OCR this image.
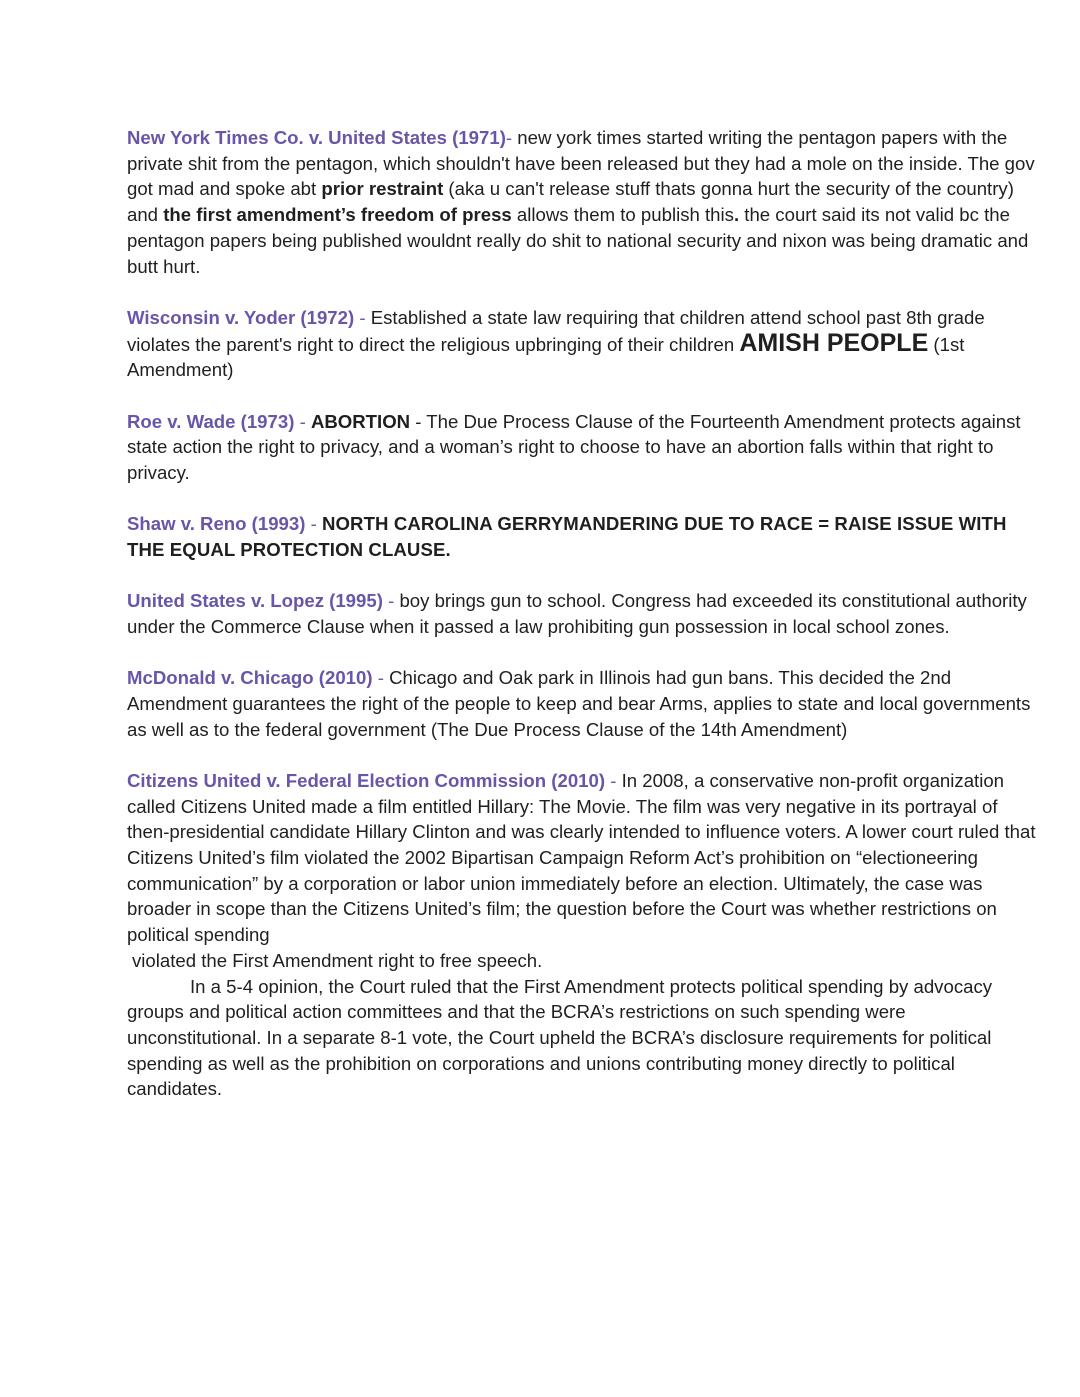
New York Times Co. v. United States (1971)- new york times started writing the pentagon papers with the private shit from the pentagon, which shouldn't have been released but they had a mole on the inside. The gov got mad and spoke abt prior restraint (aka u can't release stuff thats gonna hurt the security of the country) and the first amendment’s freedom of press allows them to publish this. the court said its not valid bc the pentagon papers being published wouldnt really do shit to national security and nixon was being dramatic and butt hurt.

Wisconsin v. Yoder (1972) - Established a state law requiring that children attend school past 8th grade violates the parent's right to direct the religious upbringing of their children AMISH PEOPLE (1st Amendment)

Roe v. Wade (1973) - ABORTION - The Due Process Clause of the Fourteenth Amendment protects against state action the right to privacy, and a woman’s right to choose to have an abortion falls within that right to privacy.

Shaw v. Reno (1993) - NORTH CAROLINA GERRYMANDERING DUE TO RACE = RAISE ISSUE WITH THE EQUAL PROTECTION CLAUSE.

United States v. Lopez (1995) - boy brings gun to school. Congress had exceeded its constitutional authority under the Commerce Clause when it passed a law prohibiting gun possession in local school zones.

McDonald v. Chicago (2010) - Chicago and Oak park in Illinois had gun bans. This decided the 2nd Amendment guarantees the right of the people to keep and bear Arms, applies to state and local governments as well as to the federal government (The Due Process Clause of the 14th Amendment)

Citizens United v. Federal Election Commission (2010) - In 2008, a conservative non-profit organization called Citizens United made a film entitled Hillary: The Movie. The film was very negative in its portrayal of then-presidential candidate Hillary Clinton and was clearly intended to influence voters. A lower court ruled that Citizens United’s film violated the 2002 Bipartisan Campaign Reform Act’s prohibition on “electioneering communication” by a corporation or labor union immediately before an election. Ultimately, the case was broader in scope than the Citizens United’s film; the question before the Court was whether restrictions on political spending
violated the First Amendment right to free speech.
In a 5-4 opinion, the Court ruled that the First Amendment protects political spending by advocacy groups and political action committees and that the BCRA’s restrictions on such spending were unconstitutional. In a separate 8-1 vote, the Court upheld the BCRA’s disclosure requirements for political spending as well as the prohibition on corporations and unions contributing money directly to political candidates.
